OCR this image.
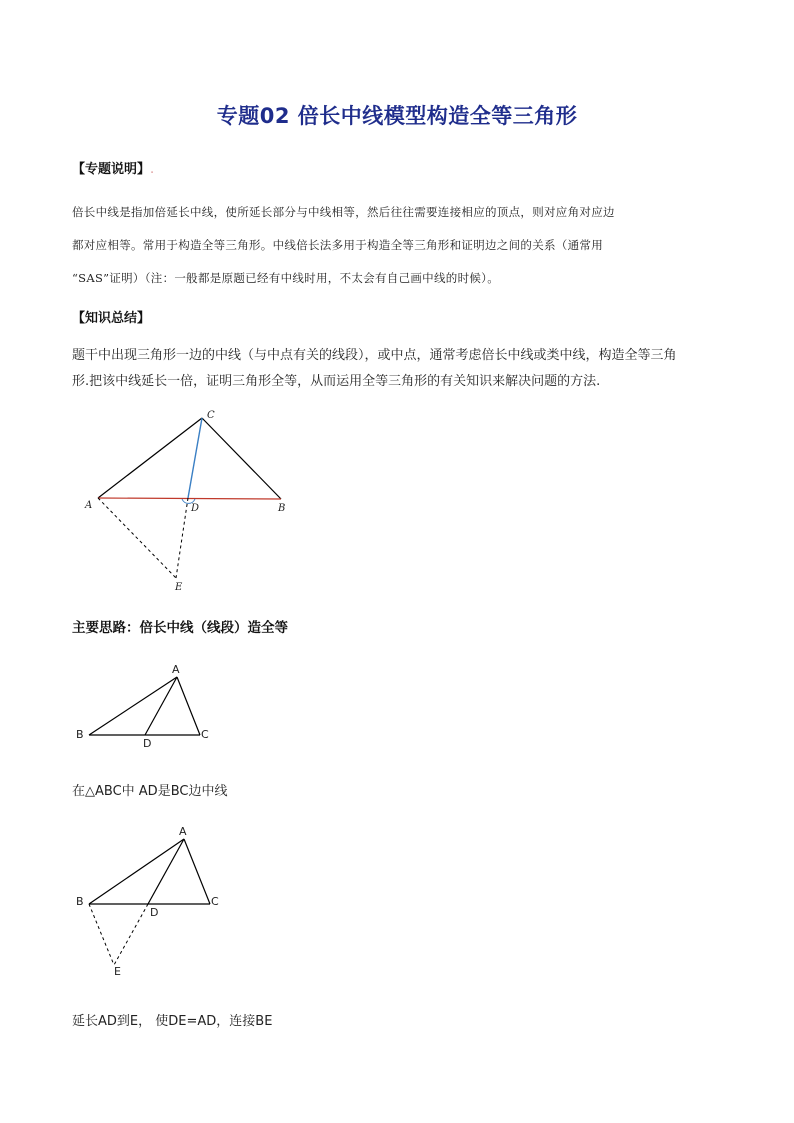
专题02 倍长中线模型构造全等三角形
【专题说明】.
倍长中线是指加倍延长中线，使所延长部分与中线相等，然后往往需要连接相应的顶点，则对应角对应边
都对应相等。常用于构造全等三角形。中线倍长法多用于构造全等三角形和证明边之间的关系（通常用
“SAS”证明）（注：一般都是原题已经有中线时用，不太会有自己画中线的时候）。
【知识总结】
题干中出现三角形一边的中线（与中点有关的线段），或中点，通常考虑倍长中线或类中线，构造全等三角
形.把该中线延长一倍，证明三角形全等，从而运用全等三角形的有关知识来解决问题的方法.
A	B
C
D
E
A
B	C
D
A
B	C
D
E
主要思路：倍长中线（线段）造全等
在△ABC中 AD是BC边中线
延长AD到E， 使DE=AD，连接BE
